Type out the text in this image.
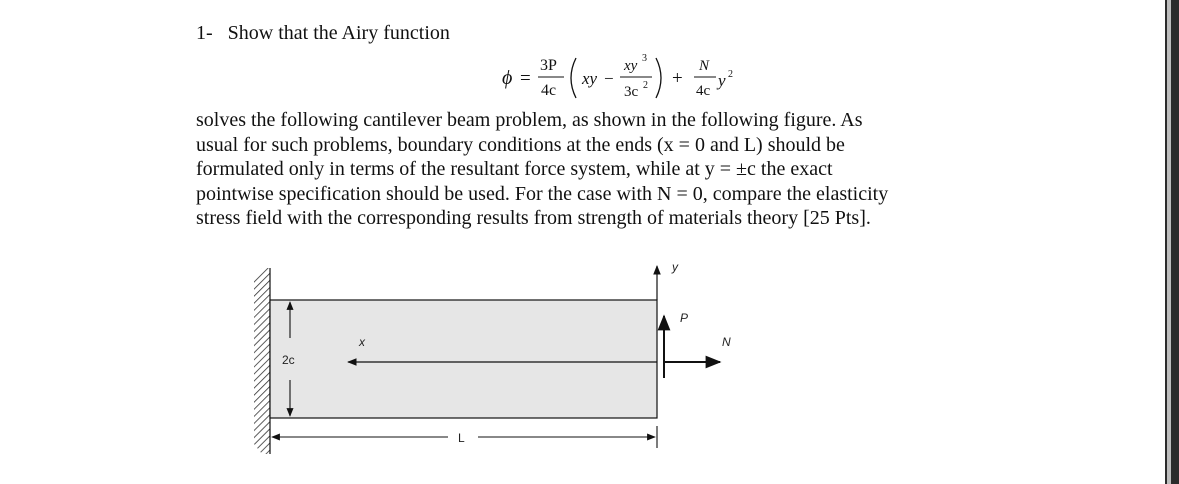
1- Show that the Airy function
ϕ =
3P
4c
xy −
xy 3
3c 2 +
N
4c
y 2
solves the following cantilever beam problem, as shown in the following figure. As
usual for such problems, boundary conditions at the ends (x = 0 and L) should be
formulated only in terms of the resultant force system, while at y = ±c the exact
pointwise specification should be used. For the case with N = 0, compare the elasticity
stress field with the corresponding results from strength of materials theory [25 Pts].
y
x
P
N
2c
L
